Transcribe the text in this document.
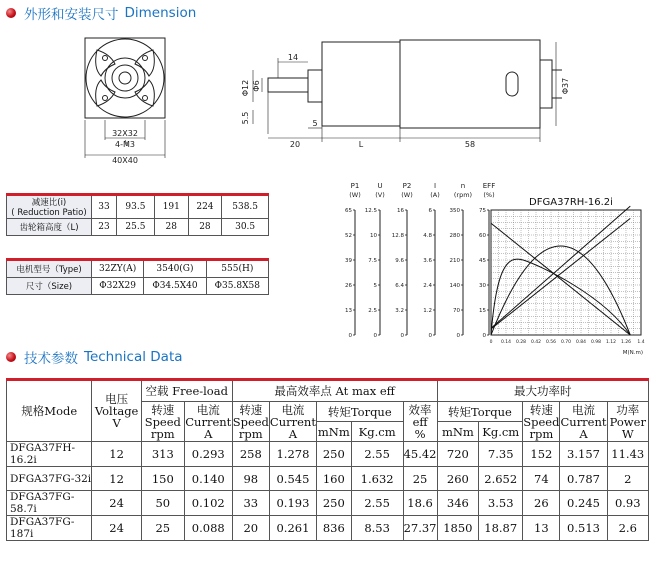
外形和安装尺寸 Dimension
32X32
4-M3
40X40
14
Φ12 Φ6
5.5
Φ37
5
20	L	58
减速比(i)
( Reduction Patio)	33	93.5	191	224	538.5
齿轮箱高度（L)	23	25.5	28	28	30.5
电机型号（Type)	32ZY(A)	3540(G)	555(H)
尺寸（Size)	Φ32X29	Φ34.5X40	Φ35.8X58
P1
(W)
65
52
39
26
13
0
U
(V)
12.5
10
7.5
5
2.5
0
P2
(W)
16
12.8
9.6
6.4
3.2
0
I
(A)
6
4.8
3.6
2.4
1.2
0
n
(rpm)
350
280
210
140
70
0
EFF
(%)
75
60
45
30
15
0
DFGA37RH-16.2i
0 0.14 0.28 0.42 0.56 0.70 0.84 0.98 1.12 1.26 1.4
M(N.m)
技术参数 Technical Data
规格Mode	电压
Voltage
V	空载 Free-load		最高效率点 At max eff					最大功率时				
		转速
Speed
rpm	电流
Current
A	转速
Speed
rpm	电流
Current
A	转矩Torque		效率
eff
%	转矩Torque		转速
Speed
rpm	电流
Current
A	功率
Power
W
						mNm	Kg.cm		mNm	Kg.cm			
DFGA37FH-16.2i	12	313	0.293	258	1.278	250	2.55	45.42	720	7.35	152	3.157	11.43
DFGA37FG-32i	12	150	0.140	98	0.545	160	1.632	25	260	2.652	74	0.787	2
DFGA37FG-58.7i	24	50	0.102	33	0.193	250	2.55	18.6	346	3.53	26	0.245	0.93
DFGA37FG-187i	24	25	0.088	20	0.261	836	8.53	27.37	1850	18.87	13	0.513	2.6
